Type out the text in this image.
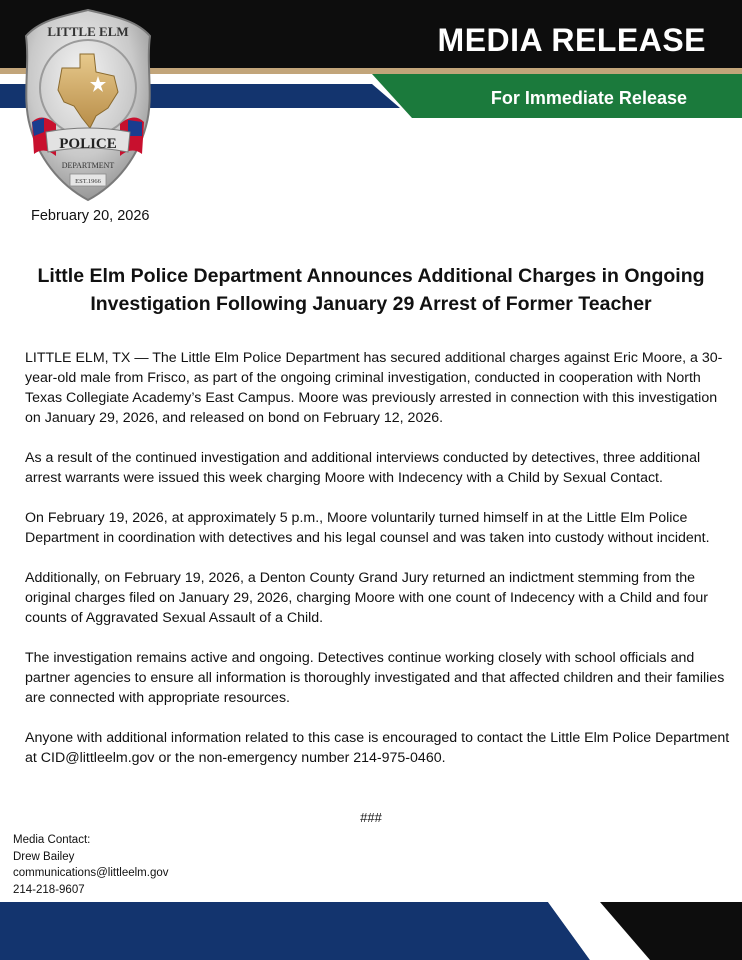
MEDIA RELEASE
For Immediate Release
POLICE
DEPARTMENT
EST.1966
LITTLE ELM
February 20, 2026
Little Elm Police Department Announces Additional Charges in Ongoing
Investigation Following January 29 Arrest of Former Teacher

LITTLE ELM, TX — The Little Elm Police Department has secured additional charges against Eric Moore, a 30-year-old male from Frisco, as part of the ongoing criminal investigation, conducted in cooperation with North Texas Collegiate Academy’s East Campus. Moore was previously arrested in connection with this investigation on January 29, 2026, and released on bond on February 12, 2026.

As a result of the continued investigation and additional interviews conducted by detectives, three additional arrest warrants were issued this week charging Moore with Indecency with a Child by Sexual Contact.

On February 19, 2026, at approximately 5 p.m., Moore voluntarily turned himself in at the Little Elm Police Department in coordination with detectives and his legal counsel and was taken into custody without incident.

Additionally, on February 19, 2026, a Denton County Grand Jury returned an indictment stemming from the original charges filed on January 29, 2026, charging Moore with one count of Indecency with a Child and four counts of Aggravated Sexual Assault of a Child.

The investigation remains active and ongoing. Detectives continue working closely with school officials and partner agencies to ensure all information is thoroughly investigated and that affected children and their families are connected with appropriate resources.

Anyone with additional information related to this case is encouraged to contact the Little Elm Police Department at CID@littleelm.gov or the non-emergency number 214-975-0460.

###
Media Contact:
Drew Bailey
communications@littleelm.gov
214-218-9607
